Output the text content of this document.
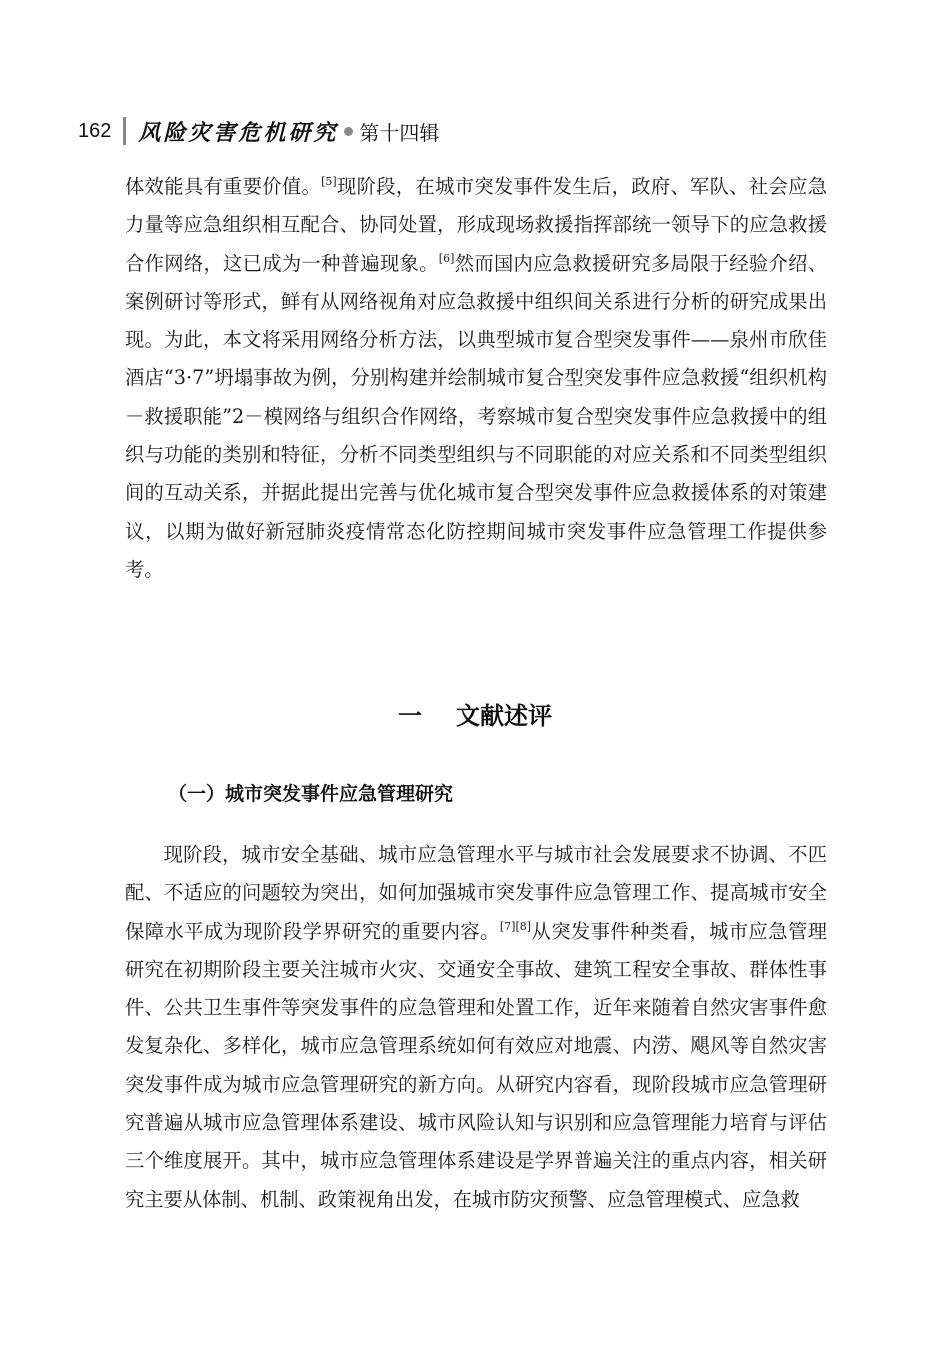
162 风险灾害危机研究 第十四辑
体效能具有重要价值。[5]现阶段，在城市突发事件发生后，政府、军队、社会应急力量等应急组织相互配合、协同处置，形成现场救援指挥部统一领导下的应急救援合作网络，这已成为一种普遍现象。[6]然而国内应急救援研究多局限于经验介绍、案例研讨等形式，鲜有从网络视角对应急救援中组织间关系进行分析的研究成果出现。为此，本文将采用网络分析方法，以典型城市复合型突发事件——泉州市欣佳酒店“3·7”坍塌事故为例，分别构建并绘制城市复合型突发事件应急救援“组织机构－救援职能”2－模网络与组织合作网络，考察城市复合型突发事件应急救援中的组织与功能的类别和特征，分析不同类型组织与不同职能的对应关系和不同类型组织间的互动关系，并据此提出完善与优化城市复合型突发事件应急救援体系的对策建议，以期为做好新冠肺炎疫情常态化防控期间城市突发事件应急管理工作提供参考。
一 文献述评
（一）城市突发事件应急管理研究
现阶段，城市安全基础、城市应急管理水平与城市社会发展要求不协调、不匹配、不适应的问题较为突出，如何加强城市突发事件应急管理工作、提高城市安全保障水平成为现阶段学界研究的重要内容。[7][8]从突发事件种类看，城市应急管理研究在初期阶段主要关注城市火灾、交通安全事故、建筑工程安全事故、群体性事件、公共卫生事件等突发事件的应急管理和处置工作，近年来随着自然灾害事件愈发复杂化、多样化，城市应急管理系统如何有效应对地震、内涝、飓风等自然灾害突发事件成为城市应急管理研究的新方向。从研究内容看，现阶段城市应急管理研究普遍从城市应急管理体系建设、城市风险认知与识别和应急管理能力培育与评估三个维度展开。其中，城市应急管理体系建设是学界普遍关注的重点内容，相关研究主要从体制、机制、政策视角出发，在城市防灾预警、应急管理模式、应急救
